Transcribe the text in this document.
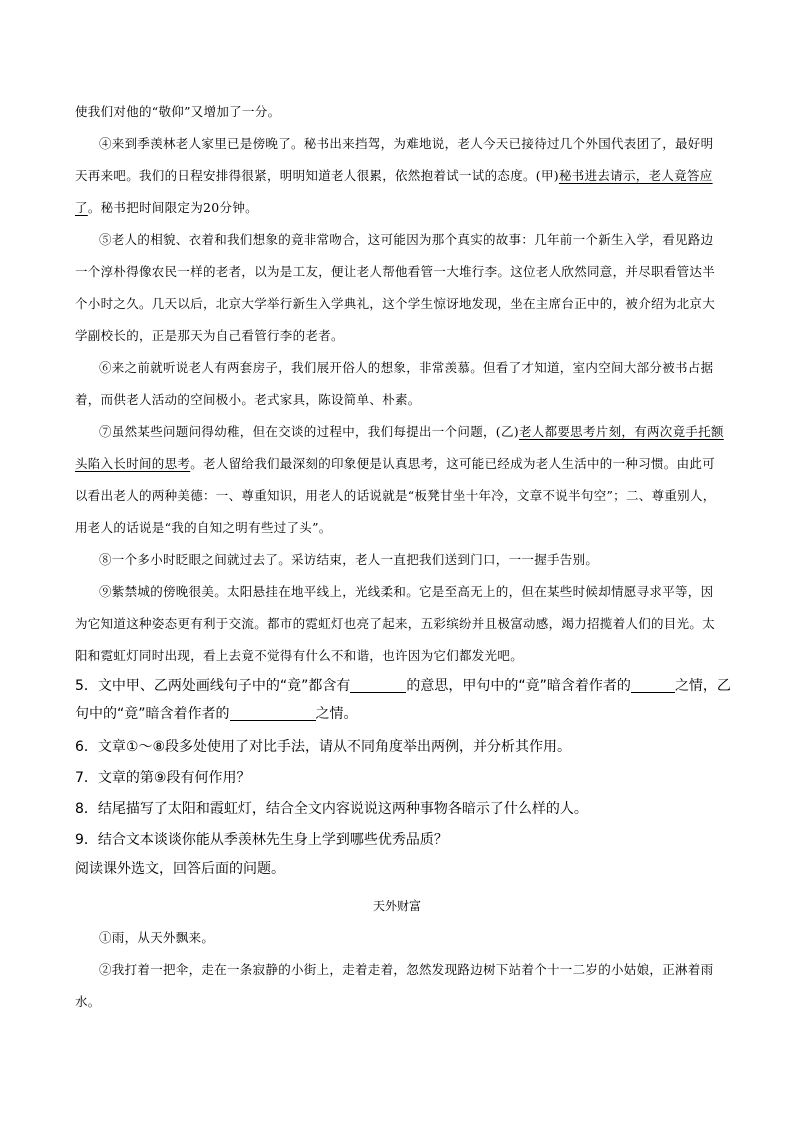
使我们对他的“敬仰”又增加了一分。
④来到季羡林老人家里已是傍晚了。秘书出来挡驾，为难地说，老人今天已接待过几个外国代表团了，最好明天再来吧。我们的日程安排得很紧，明明知道老人很累，依然抱着试一试的态度。(甲)秘书进去请示，老人竟答应了。秘书把时间限定为20分钟。
⑤老人的相貌、衣着和我们想象的竟非常吻合，这可能因为那个真实的故事：几年前一个新生入学，看见路边一个淳朴得像农民一样的老者，以为是工友，便让老人帮他看管一大堆行李。这位老人欣然同意，并尽职看管达半个小时之久。几天以后，北京大学举行新生入学典礼，这个学生惊讶地发现，坐在主席台正中的，被介绍为北京大学副校长的，正是那天为自己看管行李的老者。
⑥来之前就听说老人有两套房子，我们展开俗人的想象，非常羡慕。但看了才知道，室内空间大部分被书占据着，而供老人活动的空间极小。老式家具，陈设简单、朴素。
⑦虽然某些问题问得幼稚，但在交谈的过程中，我们每提出一个问题，(乙)老人都要思考片刻，有两次竟手托额头陷入长时间的思考。老人留给我们最深刻的印象便是认真思考，这可能已经成为老人生活中的一种习惯。由此可以看出老人的两种美德：一、尊重知识，用老人的话说就是“板凳甘坐十年冷，文章不说半句空”；二、尊重别人，用老人的话说是“我的自知之明有些过了头”。
⑧一个多小时眨眼之间就过去了。采访结束，老人一直把我们送到门口，一一握手告别。
⑨紫禁城的傍晚很美。太阳悬挂在地平线上，光线柔和。它是至高无上的，但在某些时候却情愿寻求平等，因为它知道这种姿态更有利于交流。都市的霓虹灯也亮了起来，五彩缤纷并且极富动感，竭力招揽着人们的目光。太阳和霓虹灯同时出现，看上去竟不觉得有什么不和谐，也许因为它们都发光吧。
5．文中甲、乙两处画线句子中的“竟”都含有	的意思，甲句中的“竟”暗含着作者的	之情，乙
句中的“竟”暗含着作者的	之情。
6．文章①～⑧段多处使用了对比手法，请从不同角度举出两例，并分析其作用。
7．文章的第⑨段有何作用？
8．结尾描写了太阳和霞虹灯，结合全文内容说说这两种事物各暗示了什么样的人。
9．结合文本谈谈你能从季羡林先生身上学到哪些优秀品质？
阅读课外选文，回答后面的问题。
天外财富
①雨，从天外飘来。
②我打着一把伞，走在一条寂静的小街上，走着走着，忽然发现路边树下站着个十一二岁的小姑娘，正淋着雨水。
